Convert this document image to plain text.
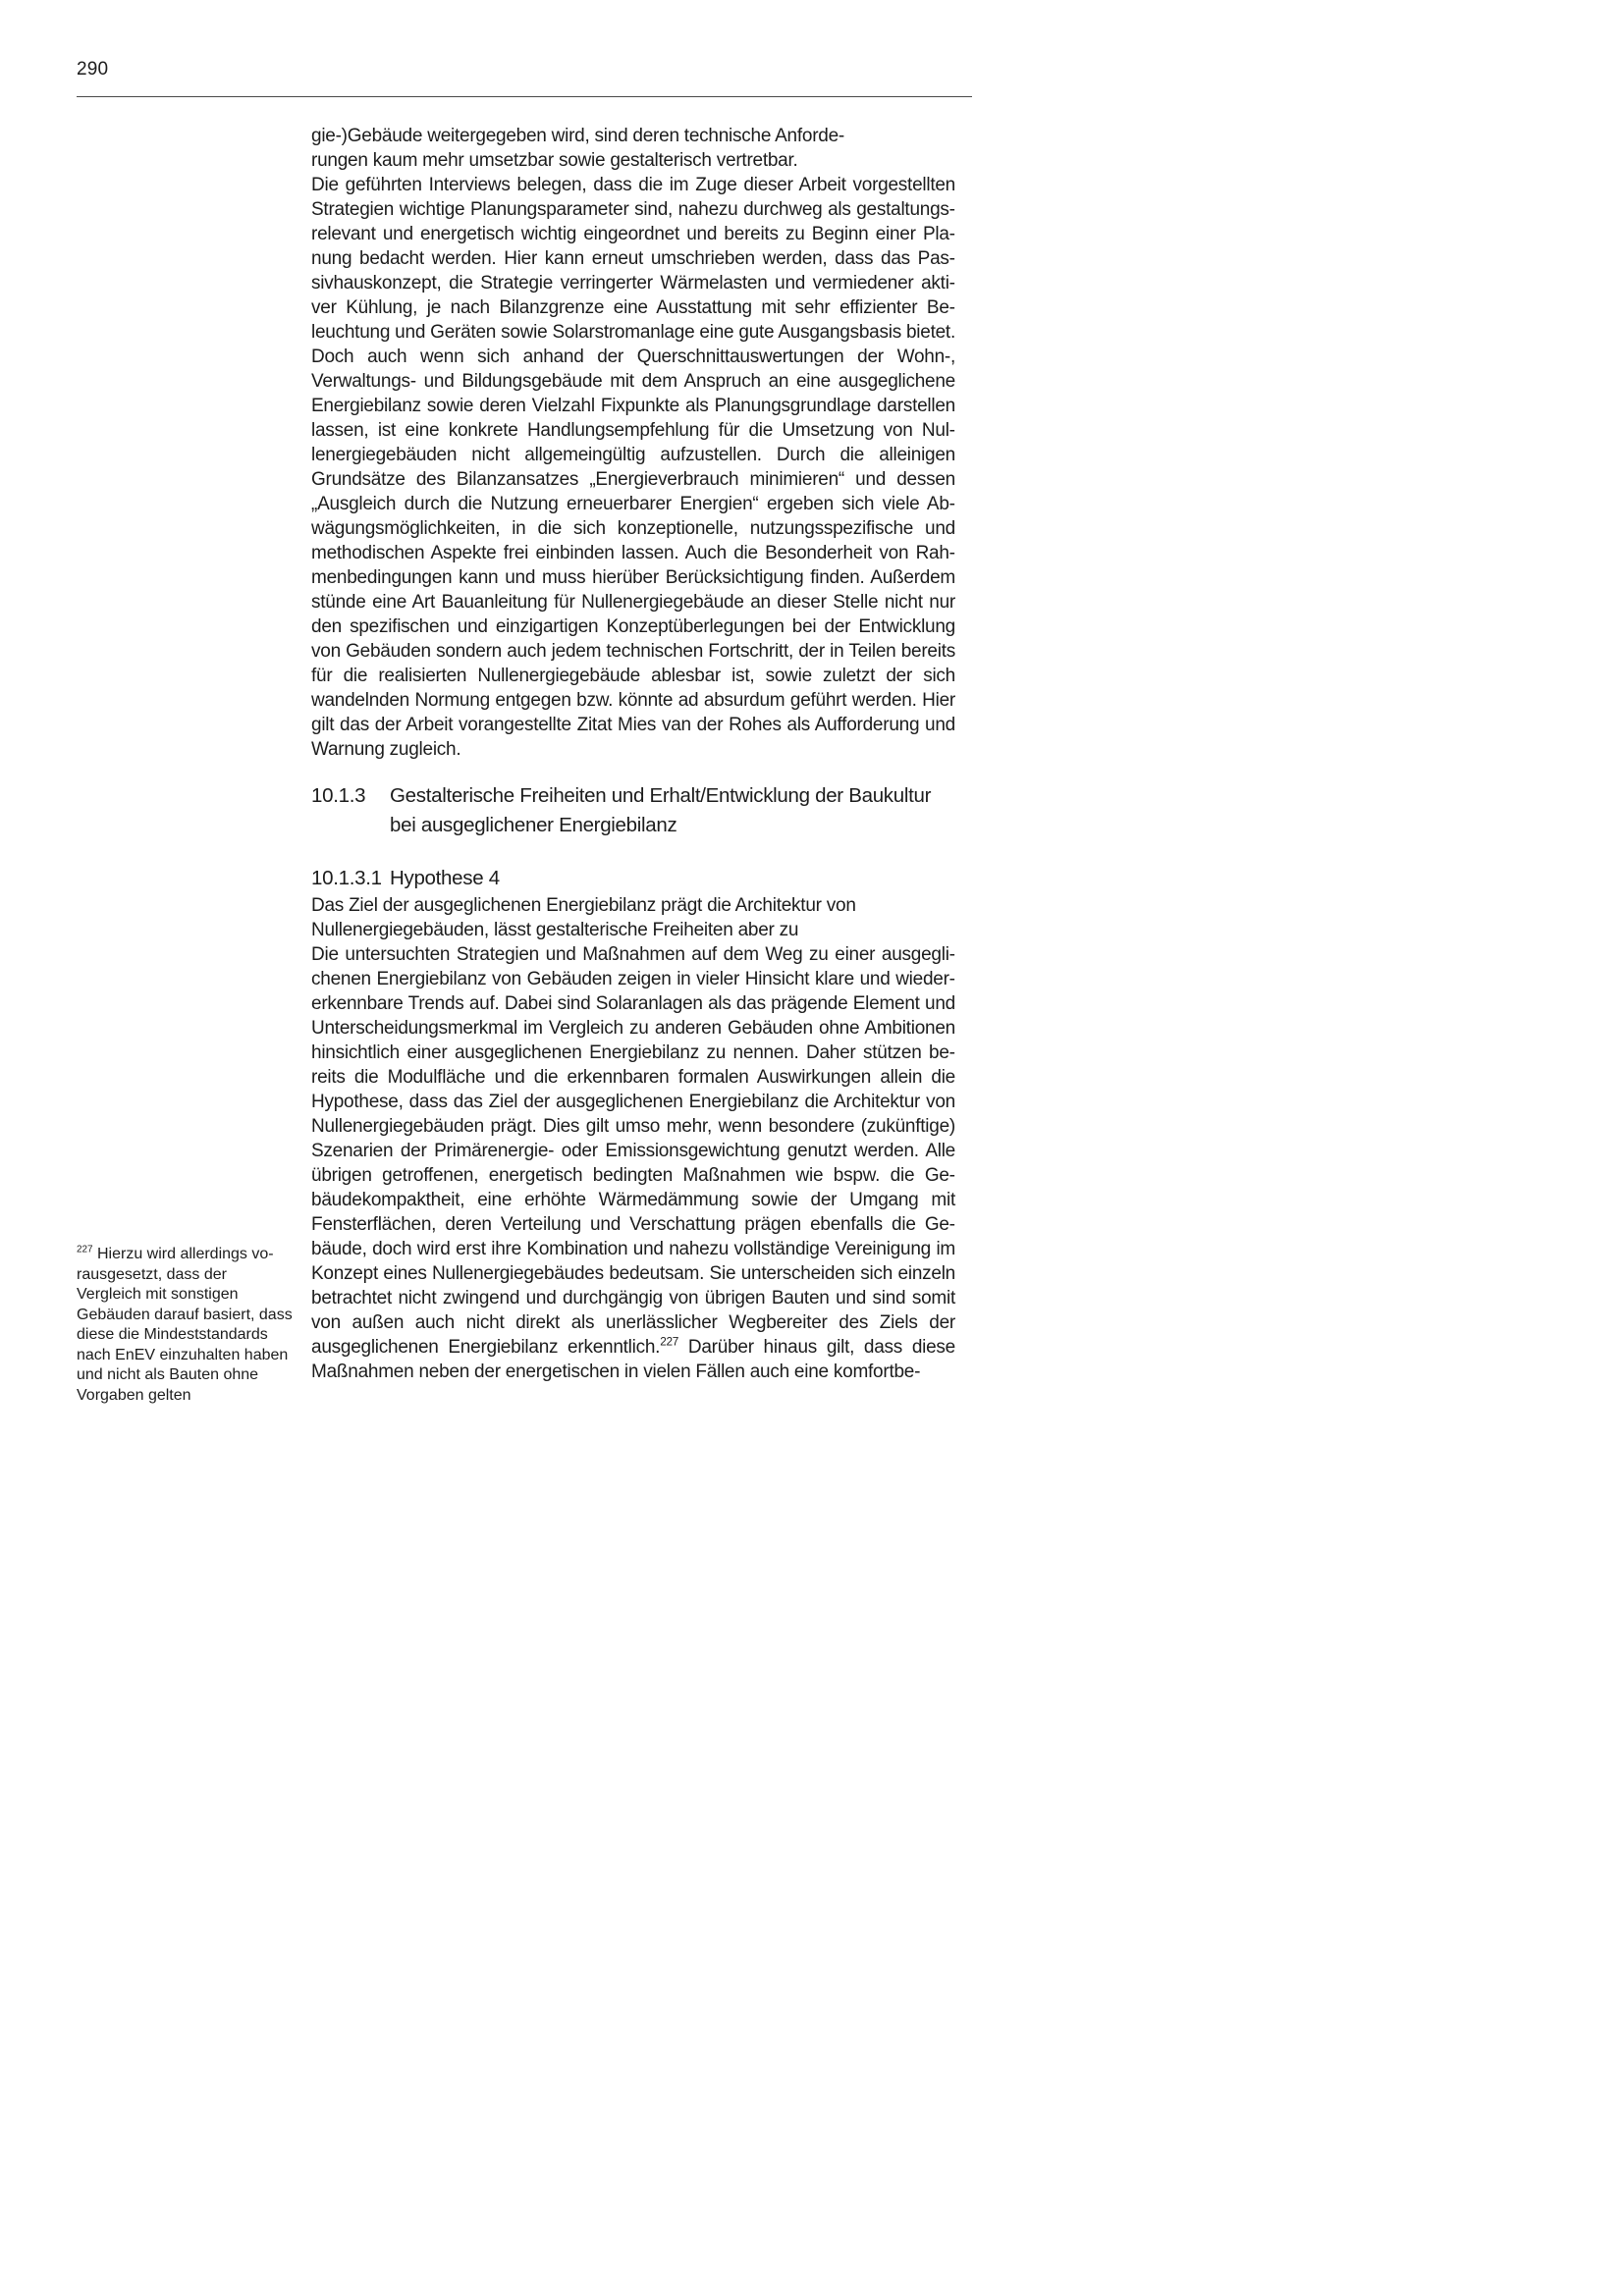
290
$^{227}$ Hierzu wird allerdings vorausgesetzt, dass der Vergleich mit sonstigen Gebäuden darauf basiert, dass diese die Mindeststandards nach EnEV einzuhalten haben und nicht als Bauten ohne Vorgaben gelten

gie-)Gebäude weitergegeben wird, sind deren technische Anforderungen kaum mehr umsetzbar sowie gestalterisch vertretbar.

Die geführten Interviews belegen, dass die im Zuge dieser Arbeit vorgestellten Strategien wichtige Planungsparameter sind, nahezu durchweg als gestaltungsrelevant und energetisch wichtig eingeordnet und bereits zu Beginn einer Planung bedacht werden. Hier kann erneut umschrieben werden, dass das Passivhauskonzept, die Strategie verringerter Wärmelasten und vermiedener aktiver Kühlung, je nach Bilanzgrenze eine Ausstattung mit sehr effizienter Beleuchtung und Geräten sowie Solarstromanlage eine gute Ausgangsbasis bietet. Doch auch wenn sich anhand der Querschnittauswertungen der Wohn-, Verwaltungs- und Bildungsgebäude mit dem Anspruch an eine ausgeglichene Energiebilanz sowie deren Vielzahl Fixpunkte als Planungsgrundlage darstellen lassen, ist eine konkrete Handlungsempfehlung für die Umsetzung von Nullenergiegebäuden nicht allgemeingültig aufzustellen. Durch die alleinigen Grundsätze des Bilanzansatzes „Energieverbrauch minimieren“ und dessen „Ausgleich durch die Nutzung erneuerbarer Energien“ ergeben sich viele Abwägungsmöglichkeiten, in die sich konzeptionelle, nutzungsspezifische und methodischen Aspekte frei einbinden lassen. Auch die Besonderheit von Rahmenbedingungen kann und muss hierüber Berücksichtigung finden. Außerdem stünde eine Art Bauanleitung für Nullenergiegebäude an dieser Stelle nicht nur den spezifischen und einzigartigen Konzeptüberlegungen bei der Entwicklung von Gebäuden sondern auch jedem technischen Fortschritt, der in Teilen bereits für die realisierten Nullenergiegebäude ablesbar ist, sowie zuletzt der sich wandelnden Normung entgegen bzw. könnte ad absurdum geführt werden. Hier gilt das der Arbeit vorangestellte Zitat Mies van der Rohes als Aufforderung und Warnung zugleich.

10.1.3	Gestalterische Freiheiten und Erhalt/Entwicklung der Baukultur bei ausgeglichener Energiebilanz
10.1.3.1 Hypothese 4

Das Ziel der ausgeglichenen Energiebilanz prägt die Architektur von Nullenergiegebäuden, lässt gestalterische Freiheiten aber zu

Die untersuchten Strategien und Maßnahmen auf dem Weg zu einer ausgeglichenen Energiebilanz von Gebäuden zeigen in vieler Hinsicht klare und wiedererkennbare Trends auf. Dabei sind Solaranlagen als das prägende Element und Unterscheidungsmerkmal im Vergleich zu anderen Gebäuden ohne Ambitionen hinsichtlich einer ausgeglichenen Energiebilanz zu nennen. Daher stützen bereits die Modulfläche und die erkennbaren formalen Auswirkungen allein die Hypothese, dass das Ziel der ausgeglichenen Energiebilanz die Architektur von Nullenergiegebäuden prägt. Dies gilt umso mehr, wenn besondere (zukünftige) Szenarien der Primärenergie- oder Emissionsgewichtung genutzt werden. Alle übrigen getroffenen, energetisch bedingten Maßnahmen wie bspw. die Gebäudekompaktheit, eine erhöhte Wärmedämmung sowie der Umgang mit Fensterflächen, deren Verteilung und Verschattung prägen ebenfalls die Gebäude, doch wird erst ihre Kombination und nahezu vollständige Vereinigung im Konzept eines Nullenergiegebäudes bedeutsam. Sie unterscheiden sich einzeln betrachtet nicht zwingend und durchgängig von übrigen Bauten und sind somit von außen auch nicht direkt als unerlässlicher Wegbereiter des Ziels der ausgeglichenen Energiebilanz erkenntlich.$^{227}$ Darüber hinaus gilt, dass diese Maßnahmen neben der energetischen in vielen Fällen auch eine komfortbe-
